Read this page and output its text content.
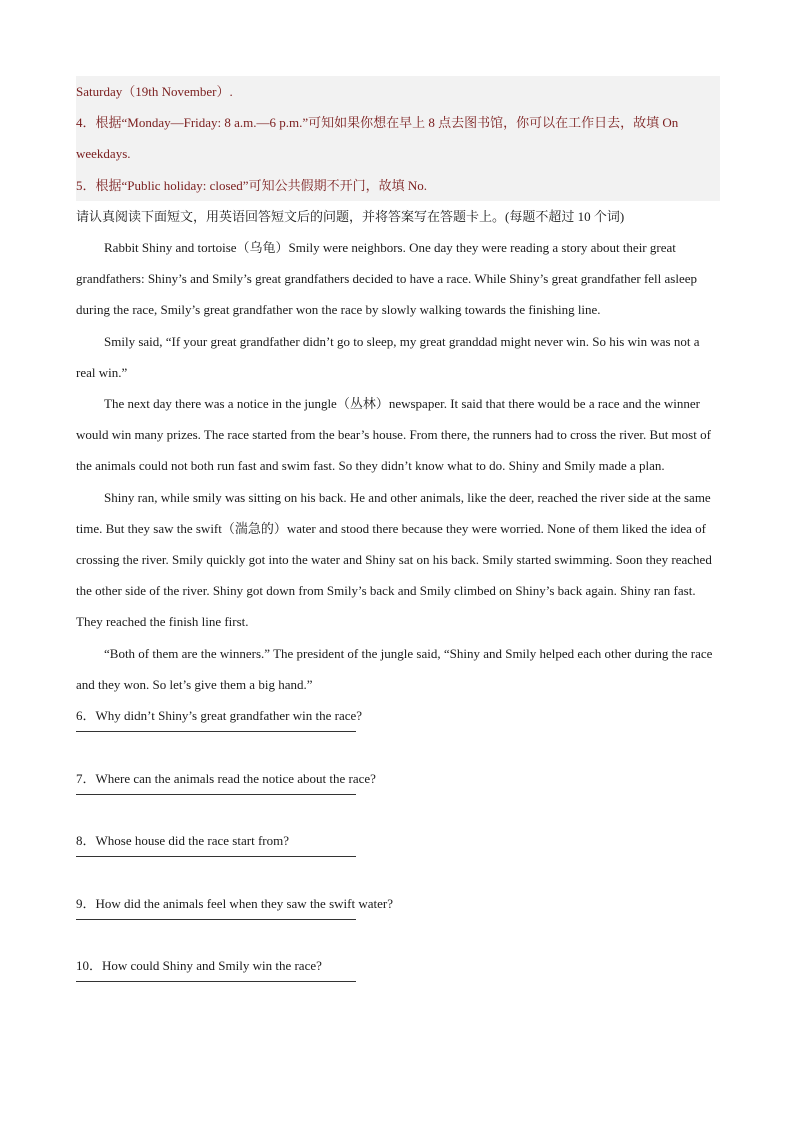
Saturday（19th November）.

4．根据“Monday—Friday: 8 a.m.—6 p.m.”可知如果你想在早上 8 点去图书馆，你可以在工作日去，故填 On weekdays.

5．根据“Public holiday: closed”可知公共假期不开门，故填 No.

请认真阅读下面短文，用英语回答短文后的问题，并将答案写在答题卡上。(每题不超过 10 个词)

Rabbit Shiny and tortoise（乌龟）Smily were neighbors. One day they were reading a story about their great grandfathers: Shiny’s and Smily’s great grandfathers decided to have a race. While Shiny’s great grandfather fell asleep during the race, Smily’s great grandfather won the race by slowly walking towards the finishing line.

Smily said, “If your great grandfather didn’t go to sleep, my great granddad might never win. So his win was not a real win.”

The next day there was a notice in the jungle（丛林）newspaper. It said that there would be a race and the winner would win many prizes. The race started from the bear’s house. From there, the runners had to cross the river. But most of the animals could not both run fast and swim fast. So they didn’t know what to do. Shiny and Smily made a plan.

Shiny ran, while smily was sitting on his back. He and other animals, like the deer, reached the river side at the same time. But they saw the swift（湍急的）water and stood there because they were worried. None of them liked the idea of crossing the river. Smily quickly got into the water and Shiny sat on his back. Smily started swimming. Soon they reached the other side of the river. Shiny got down from Smily’s back and Smily climbed on Shiny’s back again. Shiny ran fast. They reached the finish line first.

“Both of them are the winners.” The president of the jungle said, “Shiny and Smily helped each other during the race and they won. So let’s give them a big hand.”

6．Why didn’t Shiny’s great grandfather win the race?

7．Where can the animals read the notice about the race?

8．Whose house did the race start from?

9．How did the animals feel when they saw the swift water?

10．How could Shiny and Smily win the race?
